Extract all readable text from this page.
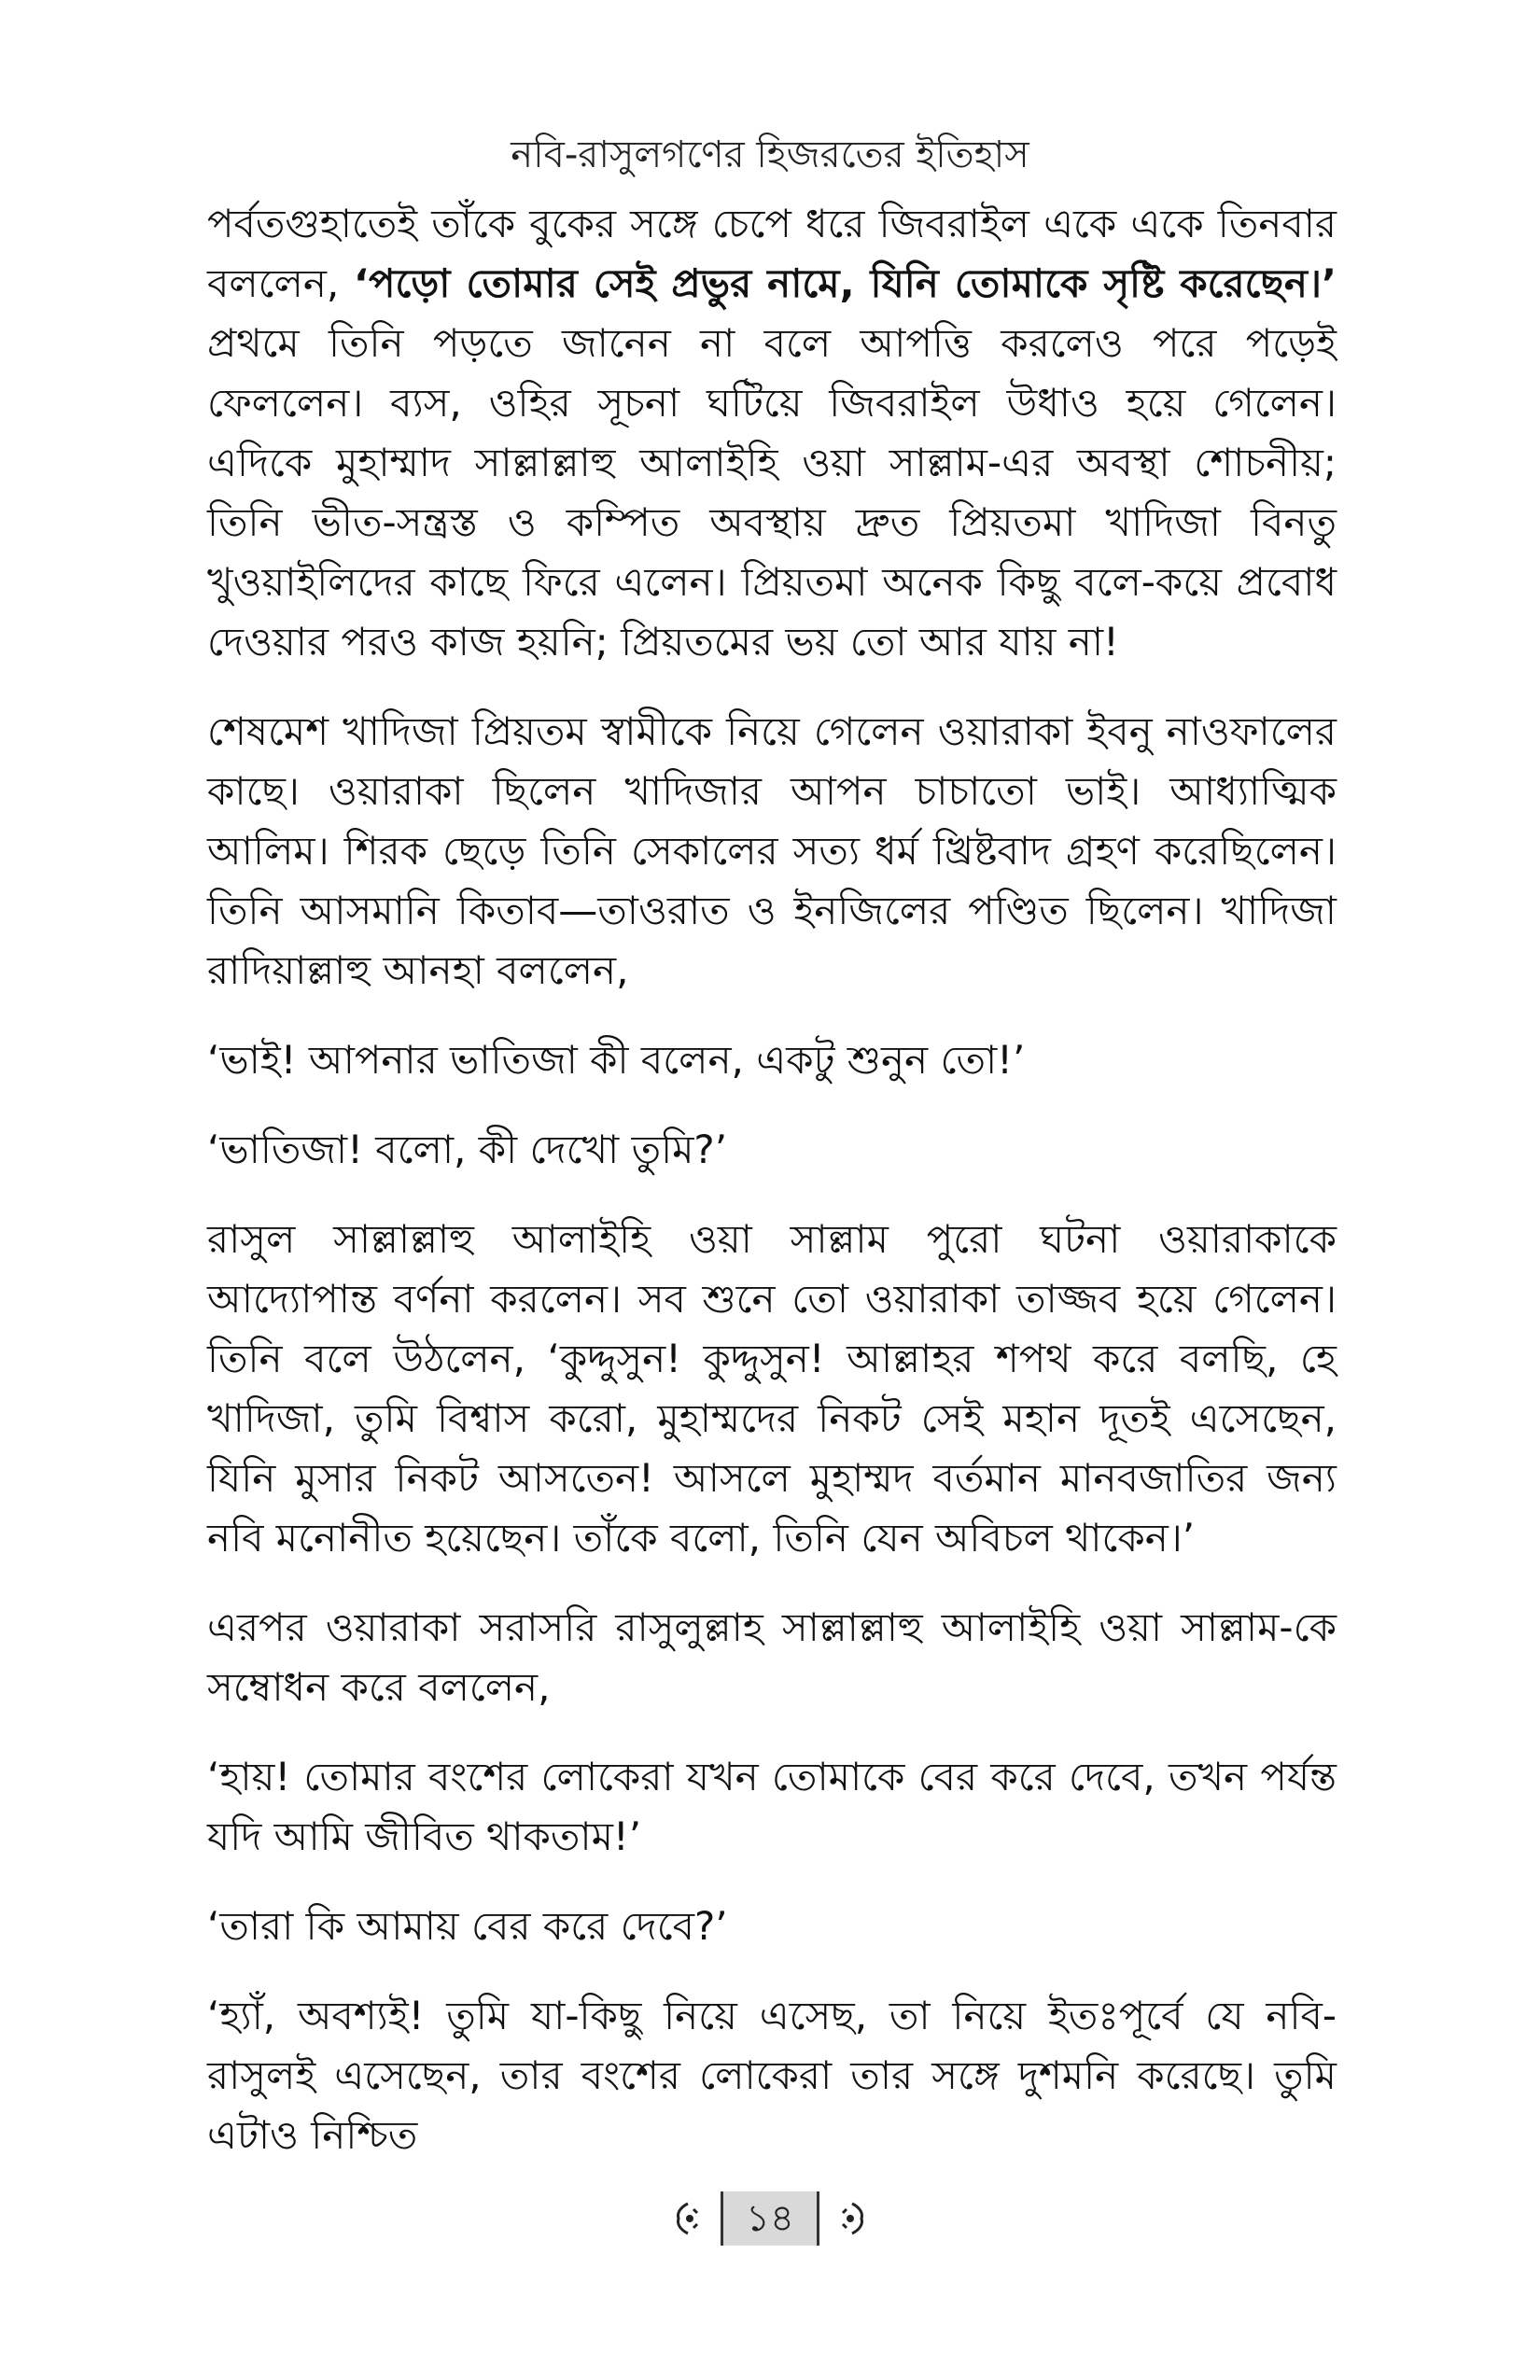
নবি-রাসুলগণের হিজরতের ইতিহাস

পর্বতগুহাতেই তাঁকে বুকের সঙ্গে চেপে ধরে জিবরাইল একে একে তিনবার বললেন, ‘পড়ো তোমার সেই প্রভুর নামে, যিনি তোমাকে সৃষ্টি করেছেন।’ প্রথমে তিনি পড়তে জানেন না বলে আপত্তি করলেও পরে পড়েই ফেললেন। ব্যস, ওহির সূচনা ঘটিয়ে জিবরাইল উধাও হয়ে গেলেন। এদিকে মুহাম্মাদ সাল্লাল্লাহু আলাইহি ওয়া সাল্লাম-এর অবস্থা শোচনীয়; তিনি ভীত-সন্ত্রস্ত ও কম্পিত অবস্থায় দ্রুত প্রিয়তমা খাদিজা বিনতু খুওয়াইলিদের কাছে ফিরে এলেন। প্রিয়তমা অনেক কিছু বলে-কয়ে প্রবোধ দেওয়ার পরও কাজ হয়নি; প্রিয়তমের ভয় তো আর যায় না!

শেষমেশ খাদিজা প্রিয়তম স্বামীকে নিয়ে গেলেন ওয়ারাকা ইবনু নাওফালের কাছে। ওয়ারাকা ছিলেন খাদিজার আপন চাচাতো ভাই। আধ্যাত্মিক আলিম। শিরক ছেড়ে তিনি সেকালের সত্য ধর্ম খ্রিষ্টবাদ গ্রহণ করেছিলেন। তিনি আসমানি কিতাব—তাওরাত ও ইনজিলের পণ্ডিত ছিলেন। খাদিজা রাদিয়াল্লাহু আনহা বললেন,

‘ভাই! আপনার ভাতিজা কী বলেন, একটু শুনুন তো!’

‘ভাতিজা! বলো, কী দেখো তুমি?’

রাসুল সাল্লাল্লাহু আলাইহি ওয়া সাল্লাম পুরো ঘটনা ওয়ারাকাকে আদ্যোপান্ত বর্ণনা করলেন। সব শুনে তো ওয়ারাকা তাজ্জব হয়ে গেলেন। তিনি বলে উঠলেন, ‘কুদ্দুসুন! কুদ্দুসুন! আল্লাহর শপথ করে বলছি, হে খাদিজা, তুমি বিশ্বাস করো, মুহাম্মদের নিকট সেই মহান দূতই এসেছেন, যিনি মুসার নিকট আসতেন! আসলে মুহাম্মদ বর্তমান মানবজাতির জন্য নবি মনোনীত হয়েছেন। তাঁকে বলো, তিনি যেন অবিচল থাকেন।’

এরপর ওয়ারাকা সরাসরি রাসুলুল্লাহ সাল্লাল্লাহু আলাইহি ওয়া সাল্লাম-কে সম্বোধন করে বললেন,

‘হায়! তোমার বংশের লোকেরা যখন তোমাকে বের করে দেবে, তখন পর্যন্ত যদি আমি জীবিত থাকতাম!’

‘তারা কি আমায় বের করে দেবে?’

‘হ্যাঁ, অবশ্যই! তুমি যা-কিছু নিয়ে এসেছ, তা নিয়ে ইতঃপূর্বে যে নবি-রাসুলই এসেছেন, তার বংশের লোকেরা তার সঙ্গে দুশমনি করেছে। তুমি এটাও নিশ্চিত

১৪
